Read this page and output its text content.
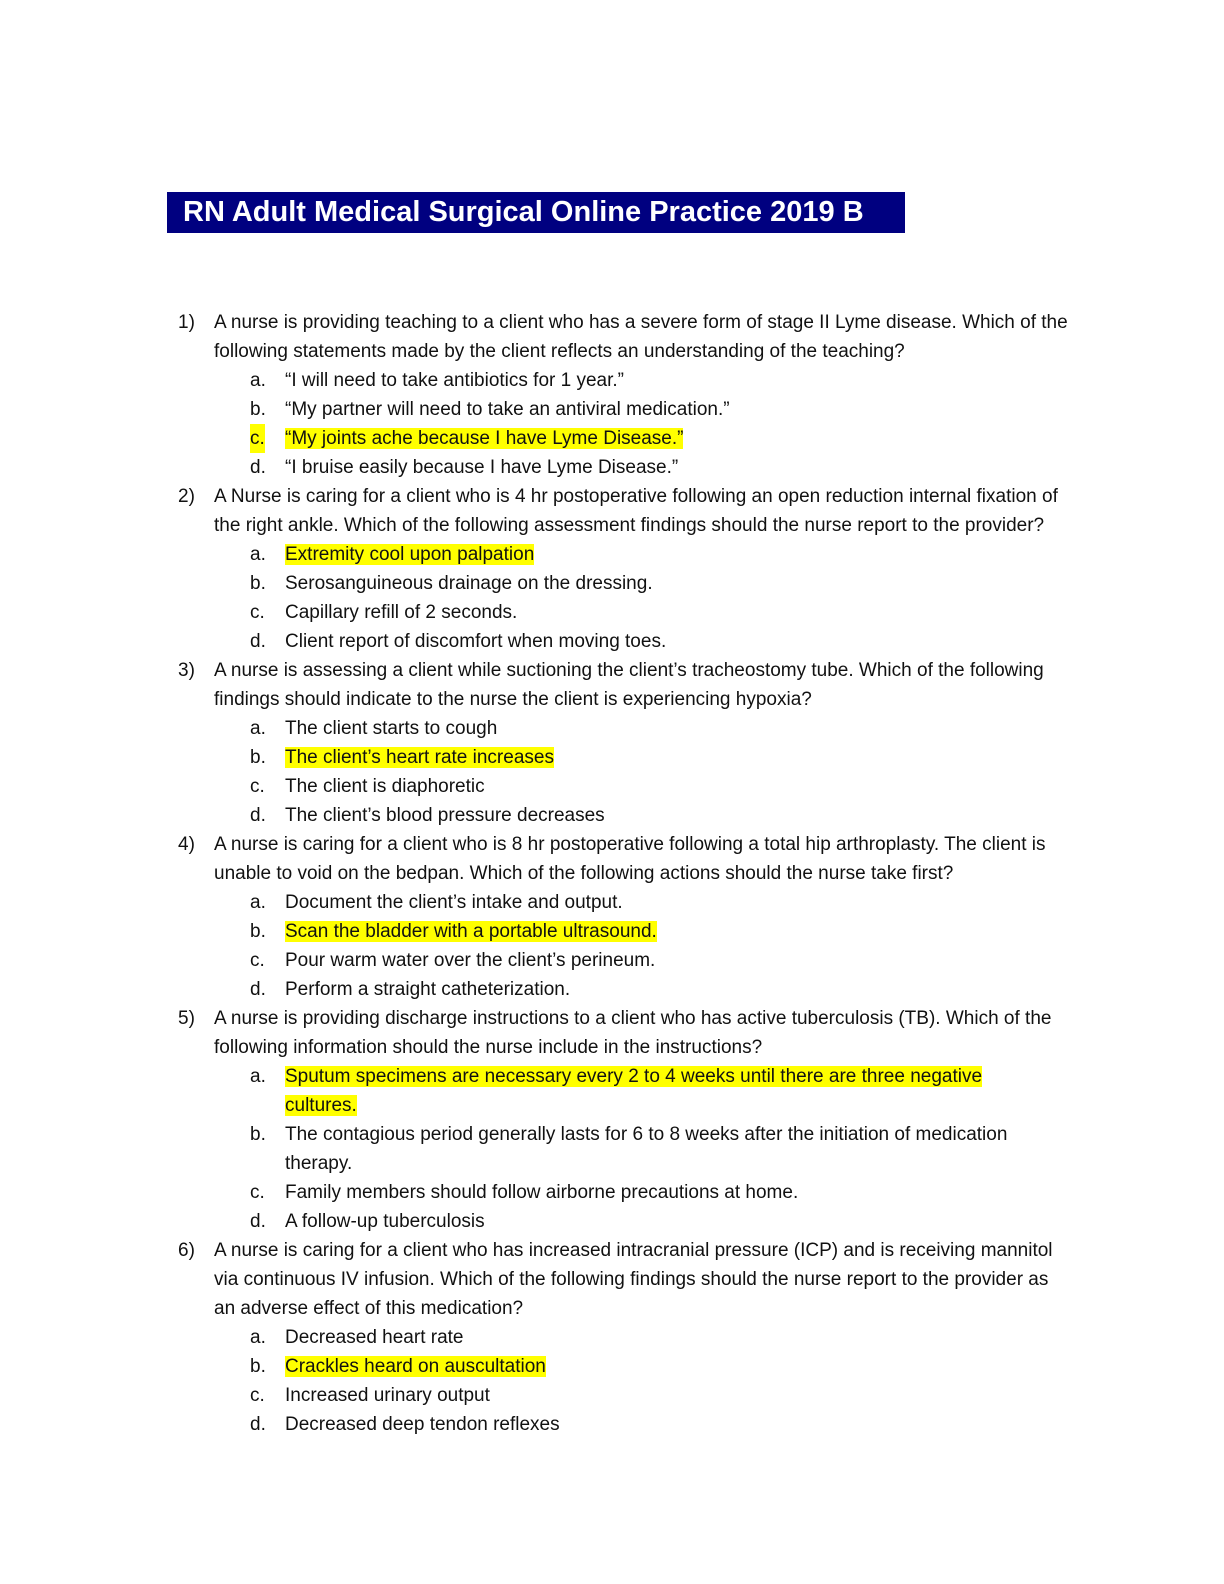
RN Adult Medical Surgical Online Practice 2019 B
1) A nurse is providing teaching to a client who has a severe form of stage II Lyme disease. Which of the following statements made by the client reflects an understanding of the teaching?
a. “I will need to take antibiotics for 1 year.”
b. “My partner will need to take an antiviral medication.”
c. “My joints ache because I have Lyme Disease.”
d. “I bruise easily because I have Lyme Disease.”
2) A Nurse is caring for a client who is 4 hr postoperative following an open reduction internal fixation of the right ankle. Which of the following assessment findings should the nurse report to the provider?
a. Extremity cool upon palpation
b. Serosanguineous drainage on the dressing.
c. Capillary refill of 2 seconds.
d. Client report of discomfort when moving toes.
3) A nurse is assessing a client while suctioning the client’s tracheostomy tube. Which of the following findings should indicate to the nurse the client is experiencing hypoxia?
a. The client starts to cough
b. The client’s heart rate increases
c. The client is diaphoretic
d. The client’s blood pressure decreases
4) A nurse is caring for a client who is 8 hr postoperative following a total hip arthroplasty. The client is unable to void on the bedpan. Which of the following actions should the nurse take first?
a. Document the client’s intake and output.
b. Scan the bladder with a portable ultrasound.
c. Pour warm water over the client’s perineum.
d. Perform a straight catheterization.
5) A nurse is providing discharge instructions to a client who has active tuberculosis (TB). Which of the following information should the nurse include in the instructions?
a. Sputum specimens are necessary every 2 to 4 weeks until there are three negative cultures.
b. The contagious period generally lasts for 6 to 8 weeks after the initiation of medication therapy.
c. Family members should follow airborne precautions at home.
d. A follow-up tuberculosis
6) A nurse is caring for a client who has increased intracranial pressure (ICP) and is receiving mannitol via continuous IV infusion. Which of the following findings should the nurse report to the provider as an adverse effect of this medication?
a. Decreased heart rate
b. Crackles heard on auscultation
c. Increased urinary output
d. Decreased deep tendon reflexes
